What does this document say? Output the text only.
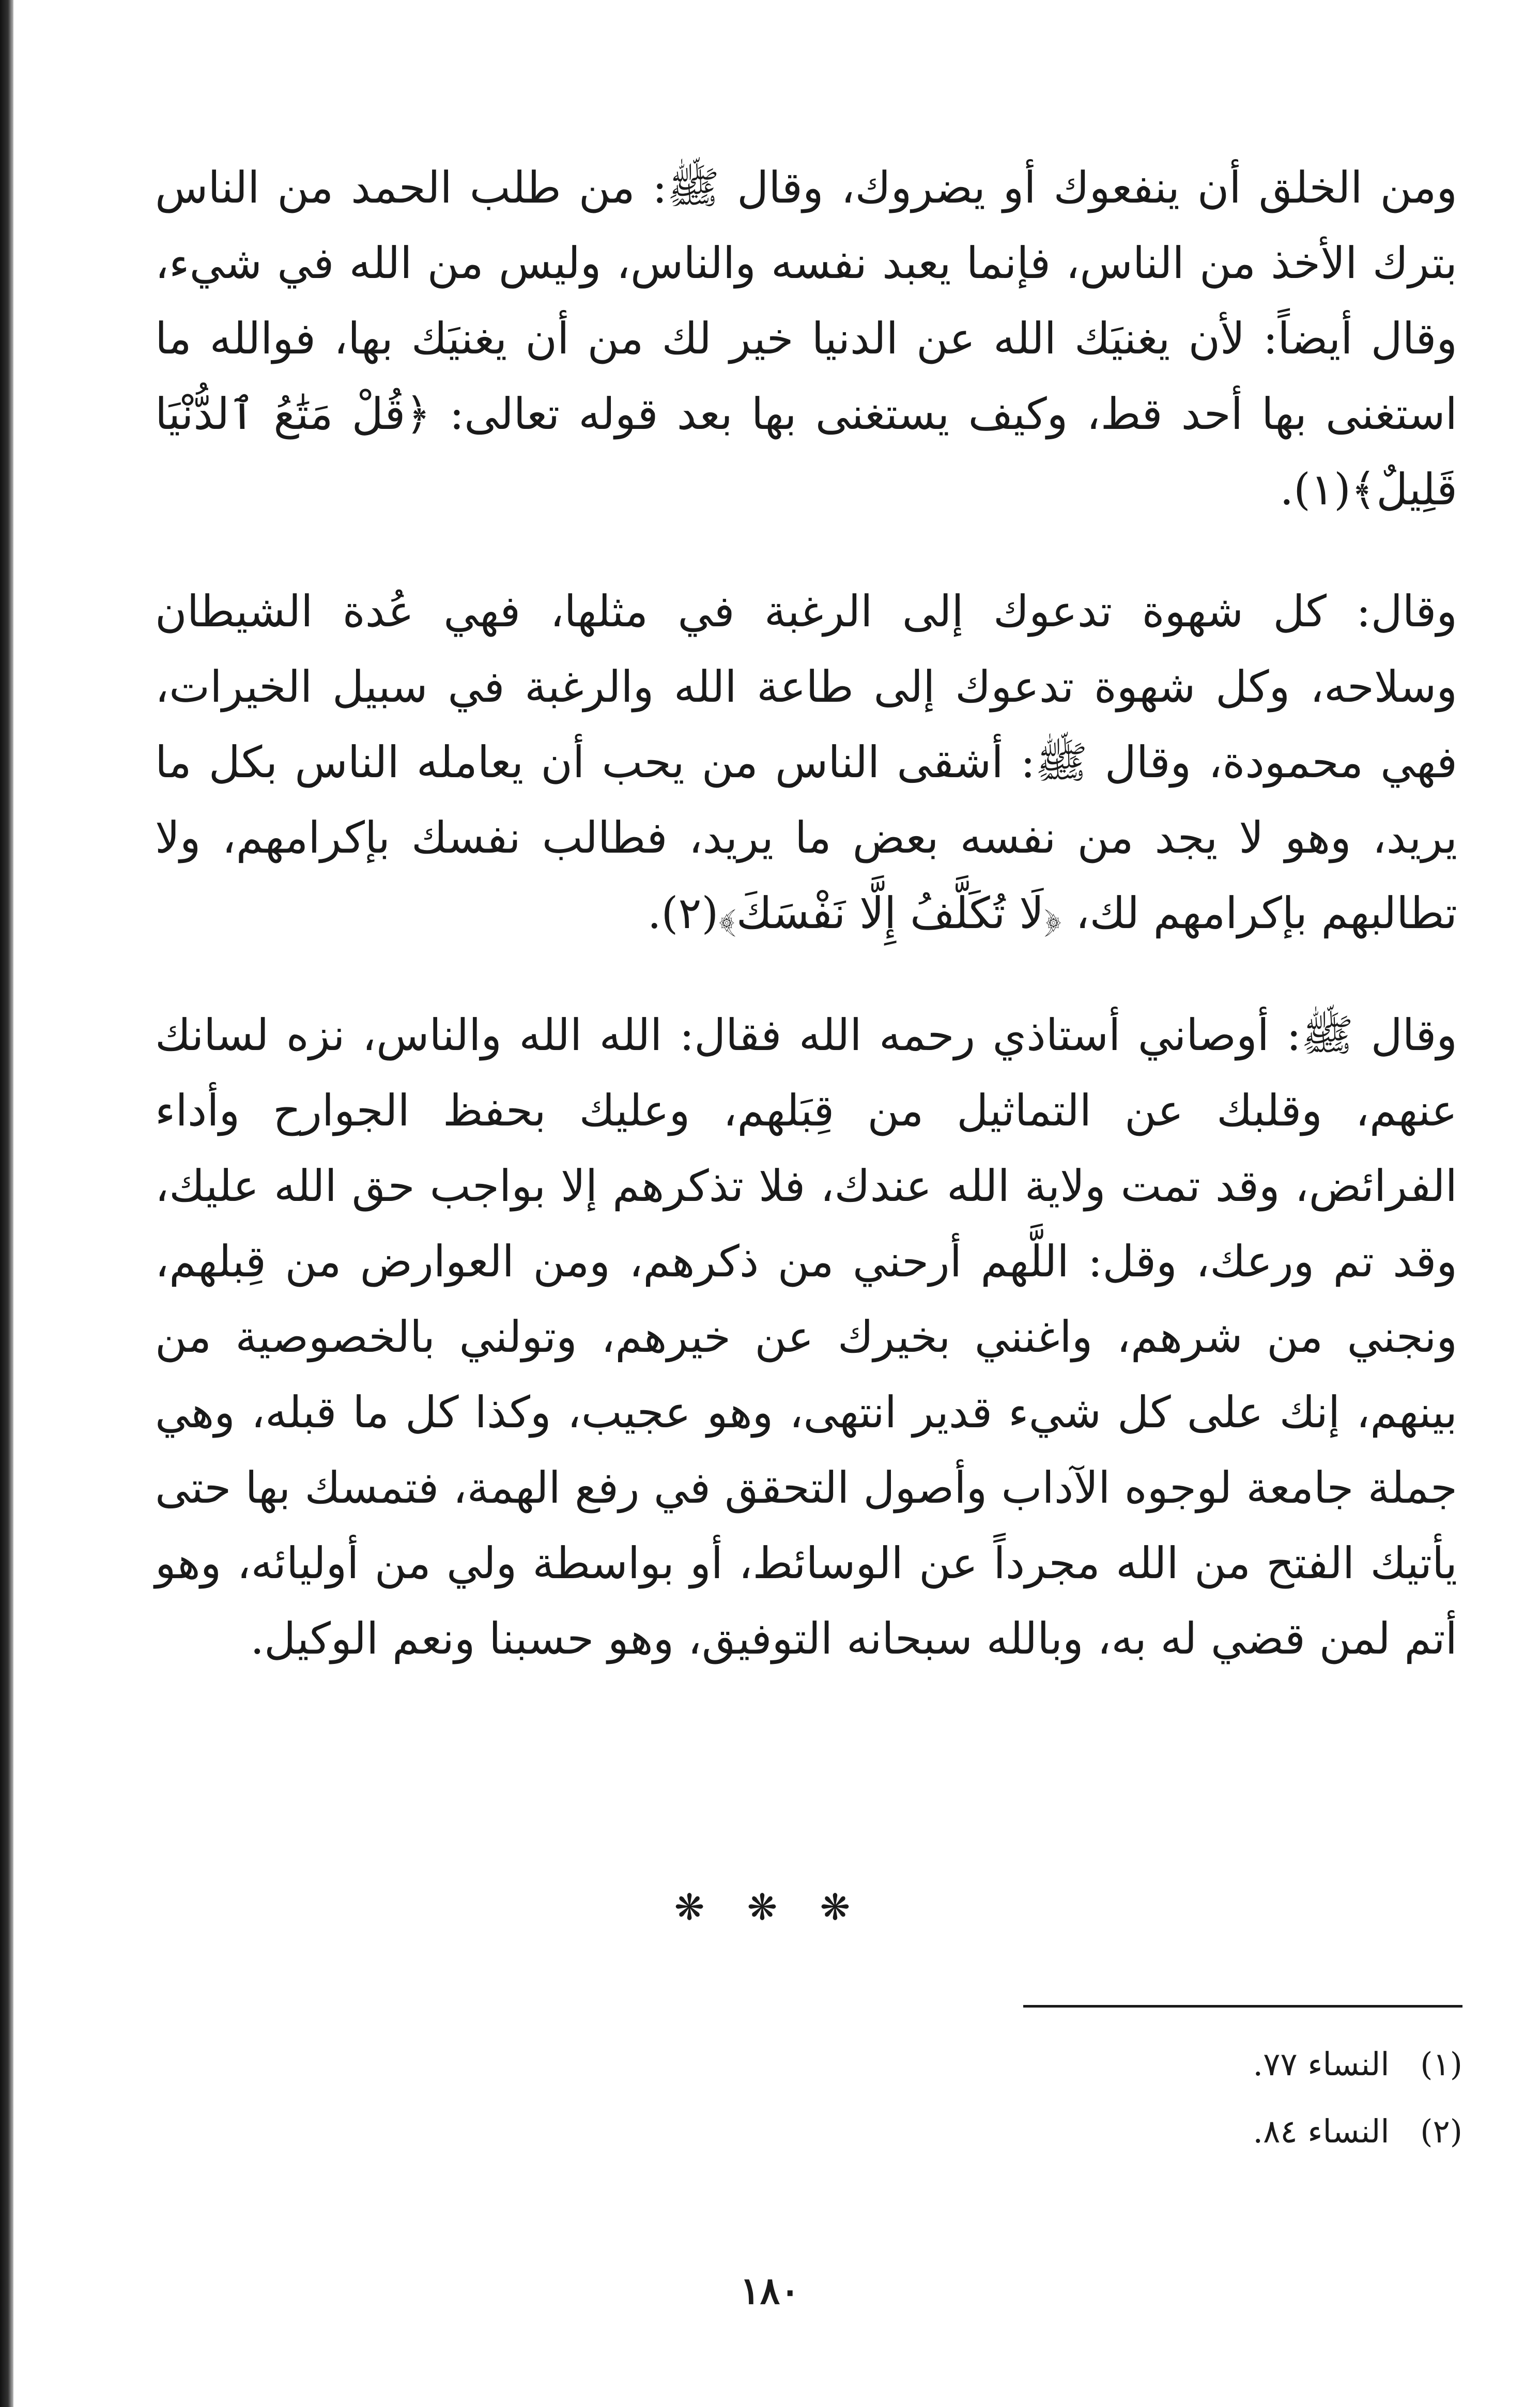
ومن الخلق أن ينفعوك أو يضروك، وقال ﷺ: من طلب الحمد من الناس بترك الأخذ من الناس، فإنما يعبد نفسه والناس، وليس من الله في شيء، وقال أيضاً: لأن يغنيَك الله عن الدنيا خير لك من أن يغنيَك بها، فوالله ما استغنى بها أحد قط، وكيف يستغنى بها بعد قوله تعالى: ﴿قُلْ مَتَٰعُ ٱلدُّنْيَا قَلِيلٌ﴾(١).

وقال: كل شهوة تدعوك إلى الرغبة في مثلها، فهي عُدة الشيطان وسلاحه، وكل شهوة تدعوك إلى طاعة الله والرغبة في سبيل الخيرات، فهي محمودة، وقال ﷺ: أشقى الناس من يحب أن يعامله الناس بكل ما يريد، وهو لا يجد من نفسه بعض ما يريد، فطالب نفسك بإكرامهم، ولا تطالبهم بإكرامهم لك، ﴿لَا تُكَلَّفُ إِلَّا نَفْسَكَ﴾(٢).

وقال ﷺ: أوصاني أستاذي رحمه الله فقال: الله الله والناس، نزه لسانك عنهم، وقلبك عن التماثيل من قِبَلهم، وعليك بحفظ الجوارح وأداء الفرائض، وقد تمت ولاية الله عندك، فلا تذكرهم إلا بواجب حق الله عليك، وقد تم ورعك، وقل: اللَّهم أرحني من ذكرهم، ومن العوارض من قِبلهم، ونجني من شرهم، واغنني بخيرك عن خيرهم، وتولني بالخصوصية من بينهم، إنك على كل شيء قدير انتهى، وهو عجيب، وكذا كل ما قبله، وهي جملة جامعة لوجوه الآداب وأصول التحقق في رفع الهمة، فتمسك بها حتى يأتيك الفتح من الله مجرداً عن الوسائط، أو بواسطة ولي من أوليائه، وهو أتم لمن قضي له به، وبالله سبحانه التوفيق، وهو حسبنا ونعم الوكيل.

❋ ❋ ❋
(١) النساء ٧٧.
(٢) النساء ٨٤.
١٨٠
